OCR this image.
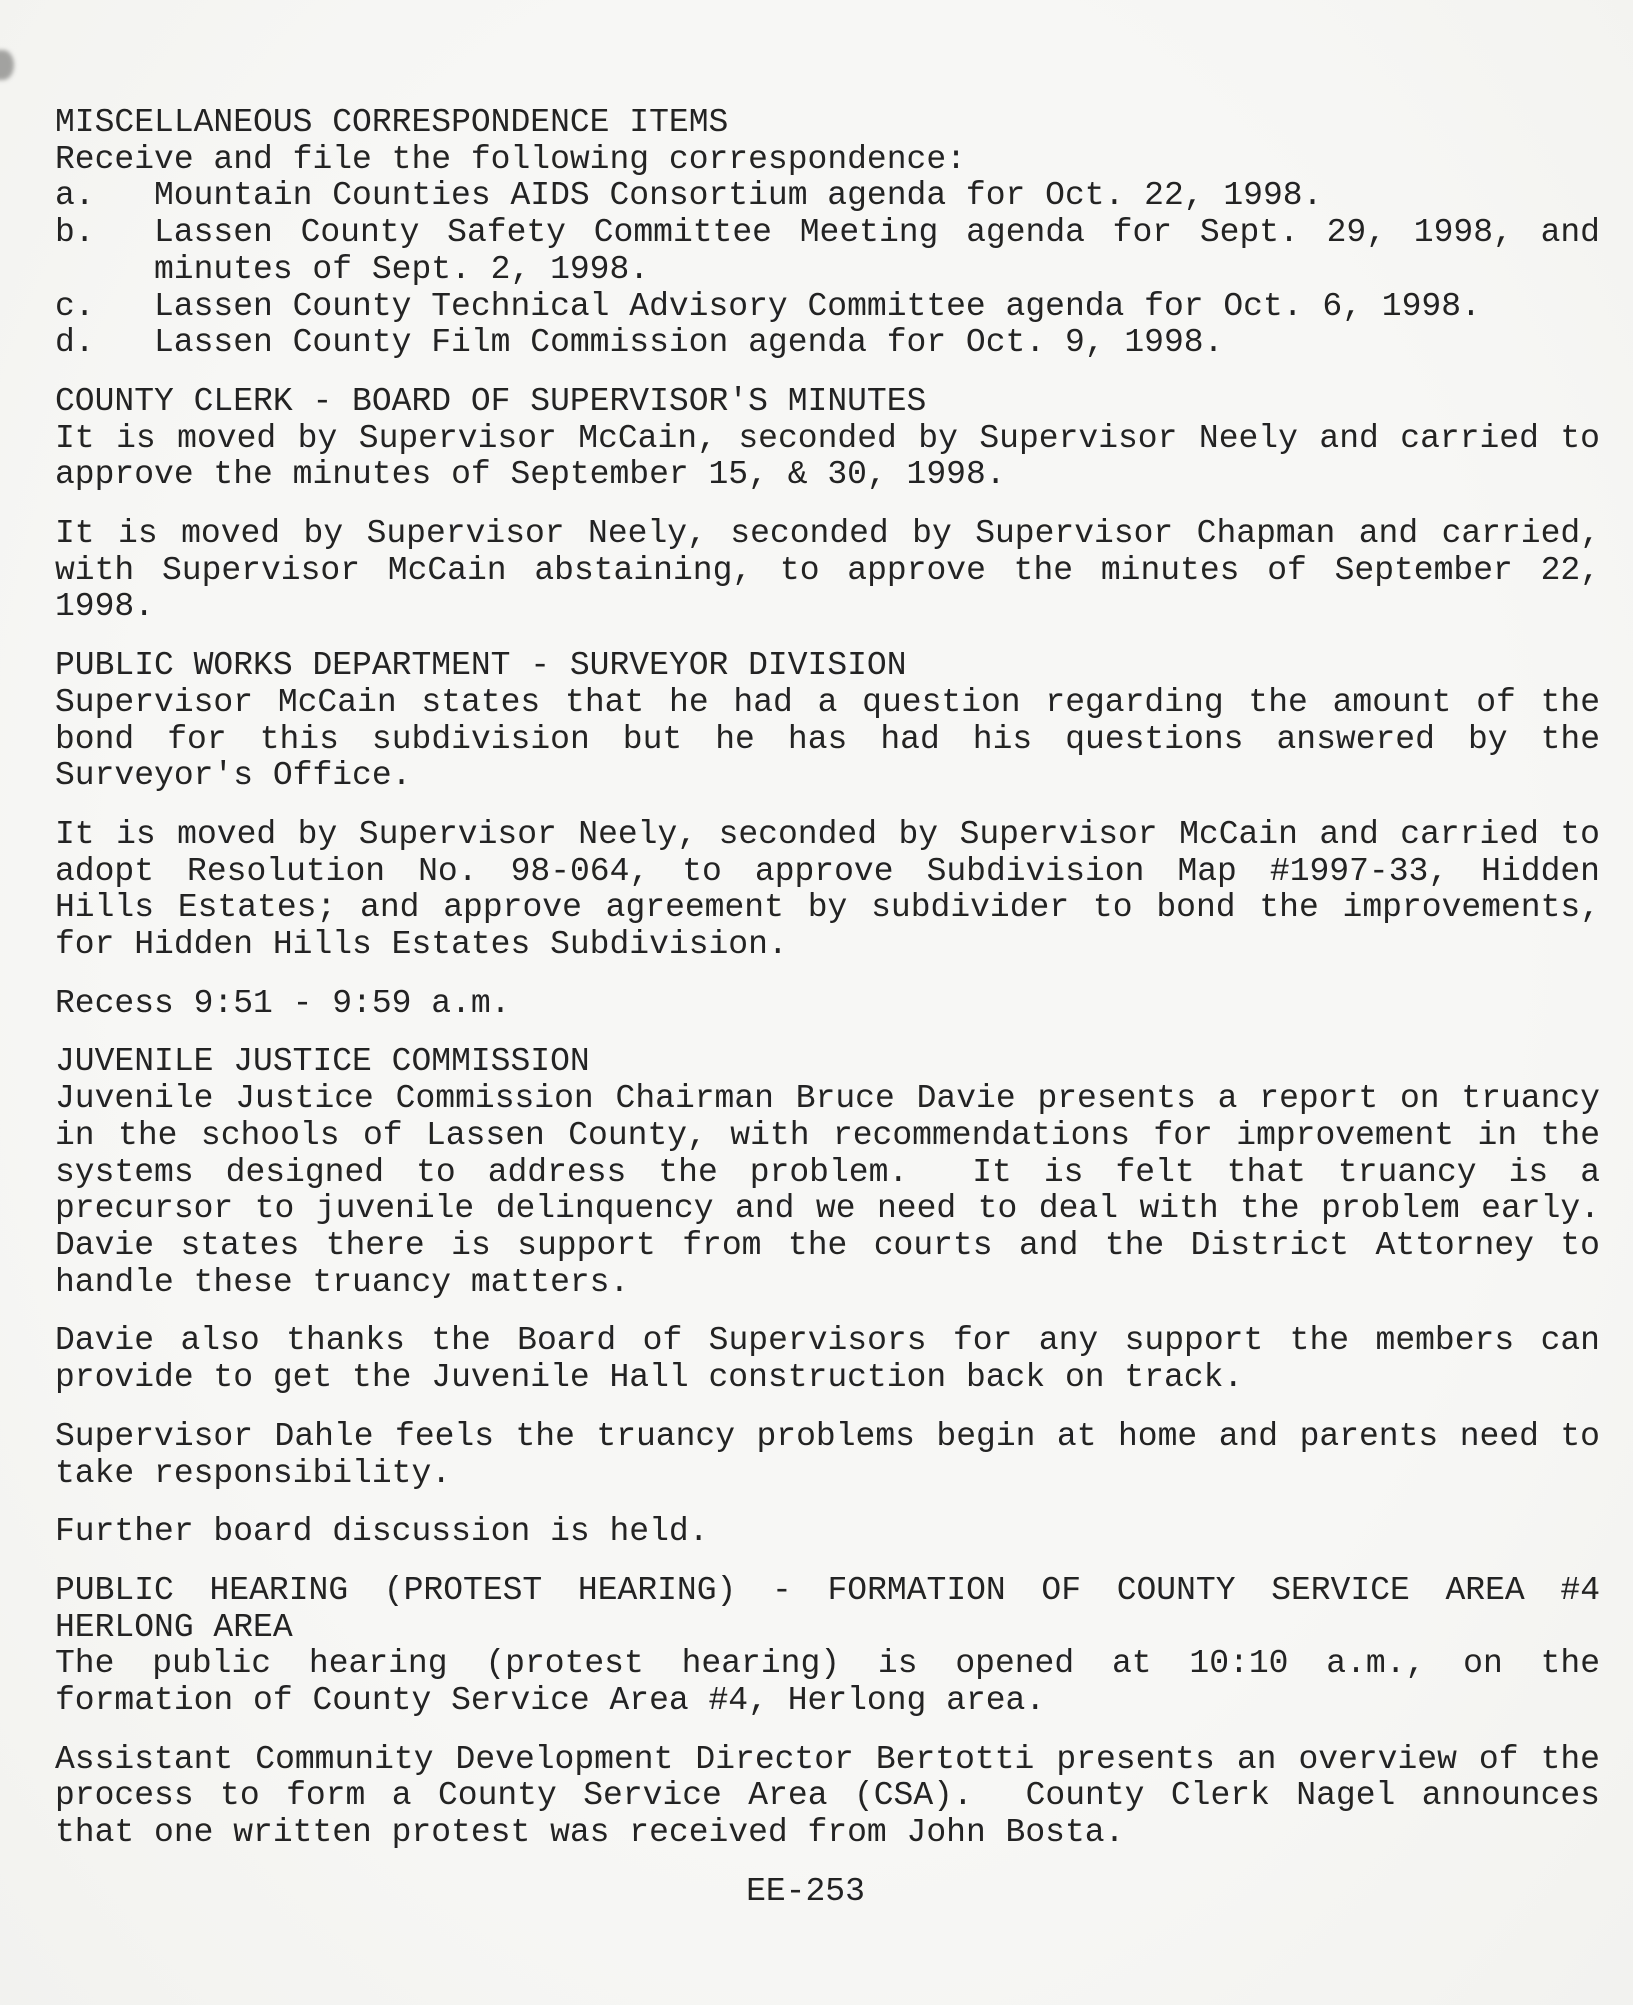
MISCELLANEOUS CORRESPONDENCE ITEMS
Receive and file the following correspondence:
a. Mountain Counties AIDS Consortium agenda for Oct. 22, 1998.
b. Lassen County Safety Committee Meeting agenda for Sept. 29, 1998, and
minutes of Sept. 2, 1998.
c. Lassen County Technical Advisory Committee agenda for Oct. 6, 1998.
d. Lassen County Film Commission agenda for Oct. 9, 1998.
COUNTY CLERK - BOARD OF SUPERVISOR'S MINUTES
It is moved by Supervisor McCain, seconded by Supervisor Neely and carried to
approve the minutes of September 15, & 30, 1998.
It is moved by Supervisor Neely, seconded by Supervisor Chapman and carried,
with Supervisor McCain abstaining, to approve the minutes of September 22,
1998.
PUBLIC WORKS DEPARTMENT - SURVEYOR DIVISION
Supervisor McCain states that he had a question regarding the amount of the
bond for this subdivision but he has had his questions answered by the
Surveyor's Office.
It is moved by Supervisor Neely, seconded by Supervisor McCain and carried to
adopt Resolution No. 98-064, to approve Subdivision Map #1997-33, Hidden
Hills Estates; and approve agreement by subdivider to bond the improvements,
for Hidden Hills Estates Subdivision.
Recess 9:51 - 9:59 a.m.
JUVENILE JUSTICE COMMISSION
Juvenile Justice Commission Chairman Bruce Davie presents a report on truancy
in the schools of Lassen County, with recommendations for improvement in the
systems designed to address the problem.  It is felt that truancy is a
precursor to juvenile delinquency and we need to deal with the problem early.
Davie states there is support from the courts and the District Attorney to
handle these truancy matters.
Davie also thanks the Board of Supervisors for any support the members can
provide to get the Juvenile Hall construction back on track.
Supervisor Dahle feels the truancy problems begin at home and parents need to
take responsibility.
Further board discussion is held.
PUBLIC HEARING (PROTEST HEARING) - FORMATION OF COUNTY SERVICE AREA #4
HERLONG AREA
The public hearing (protest hearing) is opened at 10:10 a.m., on the
formation of County Service Area #4, Herlong area.
Assistant Community Development Director Bertotti presents an overview of the
process to form a County Service Area (CSA).  County Clerk Nagel announces
that one written protest was received from John Bosta.
EE-253
